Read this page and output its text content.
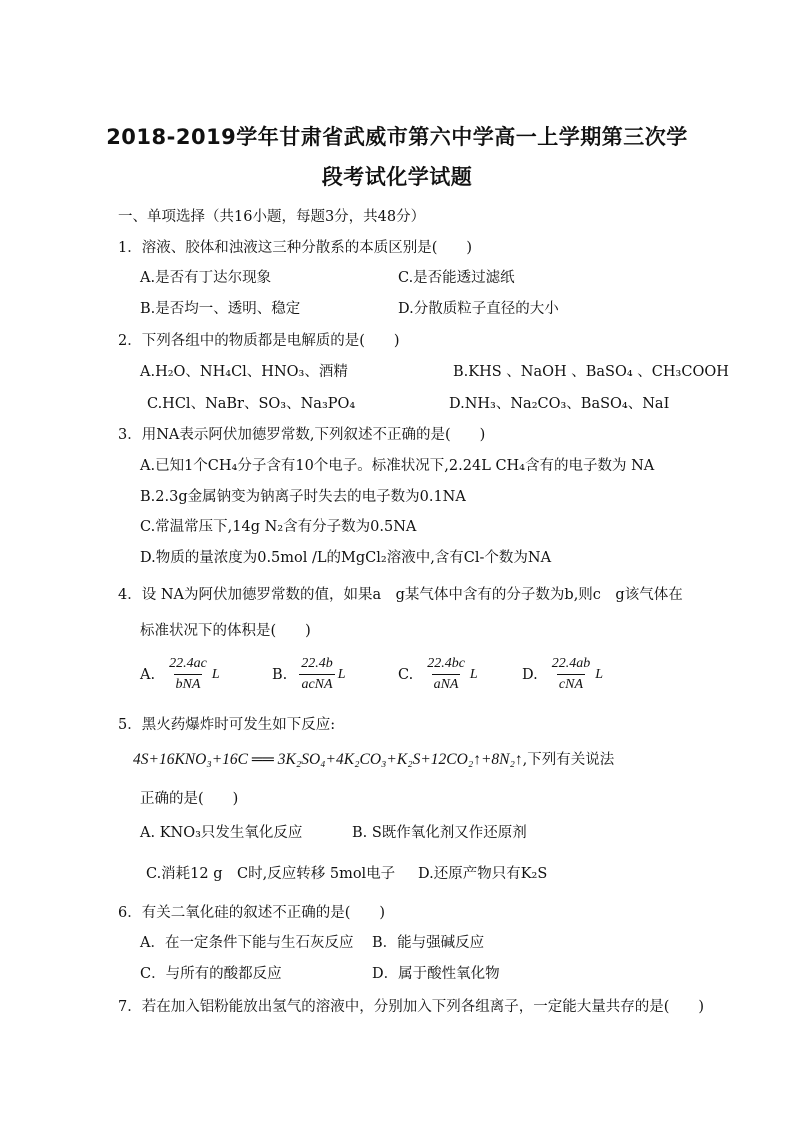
2018-2019学年甘肃省武威市第六中学高一上学期第三次学
段考试化学试题
一、单项选择（共16小题，每题3分，共48分）
1．溶液、胶体和浊液这三种分散系的本质区别是(　　)
A.是否有丁达尔现象	C.是否能透过滤纸
B.是否均一、透明、稳定	D.分散质粒子直径的大小
2．下列各组中的物质都是电解质的是(　　)
A.H₂O、NH₄Cl、HNO₃、酒精	B.KHS 、NaOH 、BaSO₄ 、CH₃COOH
C.HCl、NaBr、SO₃、Na₃PO₄	D.NH₃、Na₂CO₃、BaSO₄、NaI
3．用NA表示阿伏加德罗常数,下列叙述不正确的是(　　)
A.已知1个CH₄分子含有10个电子。标准状况下,2.24L CH₄含有的电子数为 NA
B.2.3g金属钠变为钠离子时失去的电子数为0.1NA
C.常温常压下,14g N₂含有分子数为0.5NA
D.物质的量浓度为0.5mol /L的MgCl₂溶液中,含有Cl-个数为NA
4．设 NA为阿伏加德罗常数的值，如果a　g某气体中含有的分子数为b,则c　g该气体在
标准状况下的体积是(　　)
A. $\frac{22.4ac}{\text{bNA}}$ L	B. $\frac{22.4b}{\text{acNA}}$ L	C. $\frac{22.4bc}{\text{aNA}}$ L	D. $\frac{22.4ab}{\text{cNA}}$ L
5．黑火药爆炸时可发生如下反应:
4S+16KNO₃+16C ══ 3K₂SO₄+4K₂CO₃+K₂S+12CO₂↑+8N₂↑,下列有关说法
正确的是(　　)
A. KNO₃只发生氧化反应	B. S既作氧化剂又作还原剂
C.消耗12 g　C时,反应转移 5mol电子 D.还原产物只有K₂S
6．有关二氧化硅的叙述不正确的是(　　)
A．在一定条件下能与生石灰反应 B．能与强碱反应
C．与所有的酸都反应	D．属于酸性氧化物
7．若在加入铝粉能放出氢气的溶液中，分别加入下列各组离子，一定能大量共存的是(　　)
